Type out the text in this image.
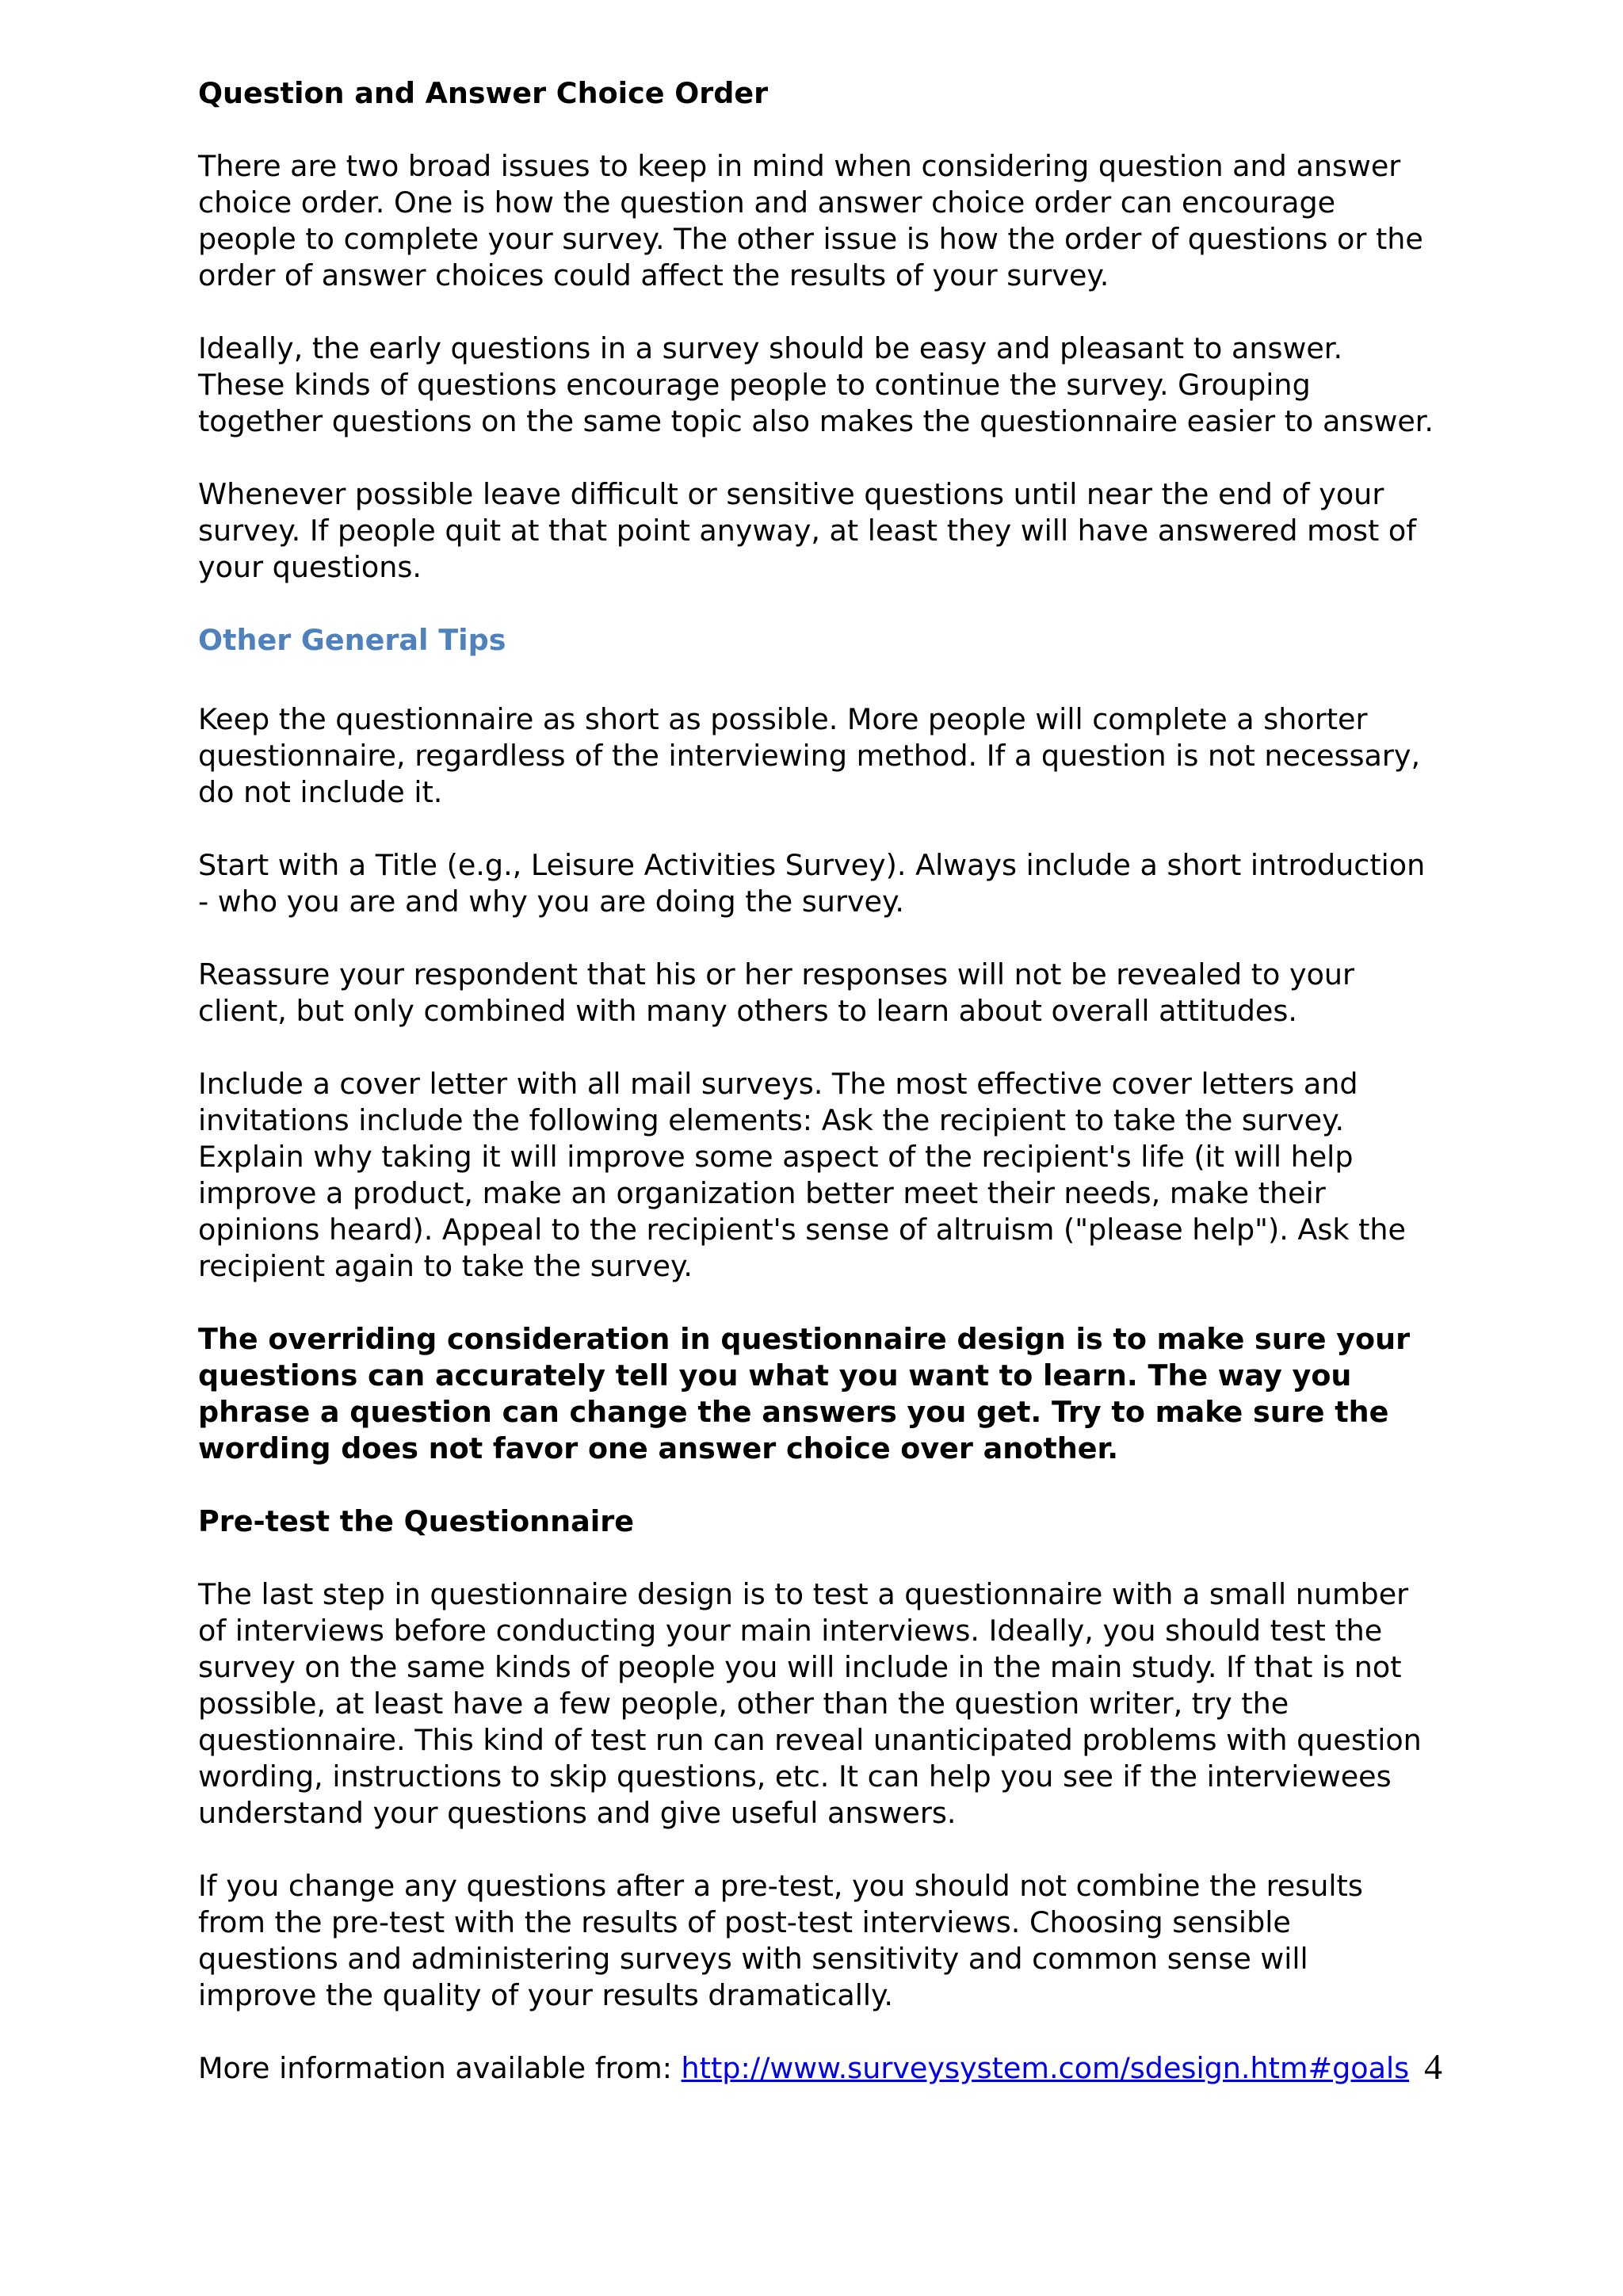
Question and Answer Choice Order

There are two broad issues to keep in mind when considering question and answer choice order. One is how the question and answer choice order can encourage people to complete your survey. The other issue is how the order of questions or the order of answer choices could affect the results of your survey.

Ideally, the early questions in a survey should be easy and pleasant to answer. These kinds of questions encourage people to continue the survey. Grouping together questions on the same topic also makes the questionnaire easier to answer.

Whenever possible leave difficult or sensitive questions until near the end of your survey. If people quit at that point anyway, at least they will have answered most of your questions.

Other General Tips

Keep the questionnaire as short as possible. More people will complete a shorter questionnaire, regardless of the interviewing method. If a question is not necessary, do not include it.

Start with a Title (e.g., Leisure Activities Survey). Always include a short introduction - who you are and why you are doing the survey.

Reassure your respondent that his or her responses will not be revealed to your client, but only combined with many others to learn about overall attitudes.

Include a cover letter with all mail surveys. The most effective cover letters and invitations include the following elements: Ask the recipient to take the survey. Explain why taking it will improve some aspect of the recipient's life (it will help improve a product, make an organization better meet their needs, make their opinions heard). Appeal to the recipient's sense of altruism ("please help"). Ask the recipient again to take the survey.

The overriding consideration in questionnaire design is to make sure your questions can accurately tell you what you want to learn. The way you phrase a question can change the answers you get. Try to make sure the wording does not favor one answer choice over another.

Pre-test the Questionnaire

The last step in questionnaire design is to test a questionnaire with a small number of interviews before conducting your main interviews. Ideally, you should test the survey on the same kinds of people you will include in the main study. If that is not possible, at least have a few people, other than the question writer, try the questionnaire. This kind of test run can reveal unanticipated problems with question wording, instructions to skip questions, etc. It can help you see if the interviewees understand your questions and give useful answers.

If you change any questions after a pre-test, you should not combine the results from the pre-test with the results of post-test interviews. Choosing sensible questions and administering surveys with sensitivity and common sense will improve the quality of your results dramatically.

More information available from: http://www.surveysystem.com/sdesign.htm#goals 4
